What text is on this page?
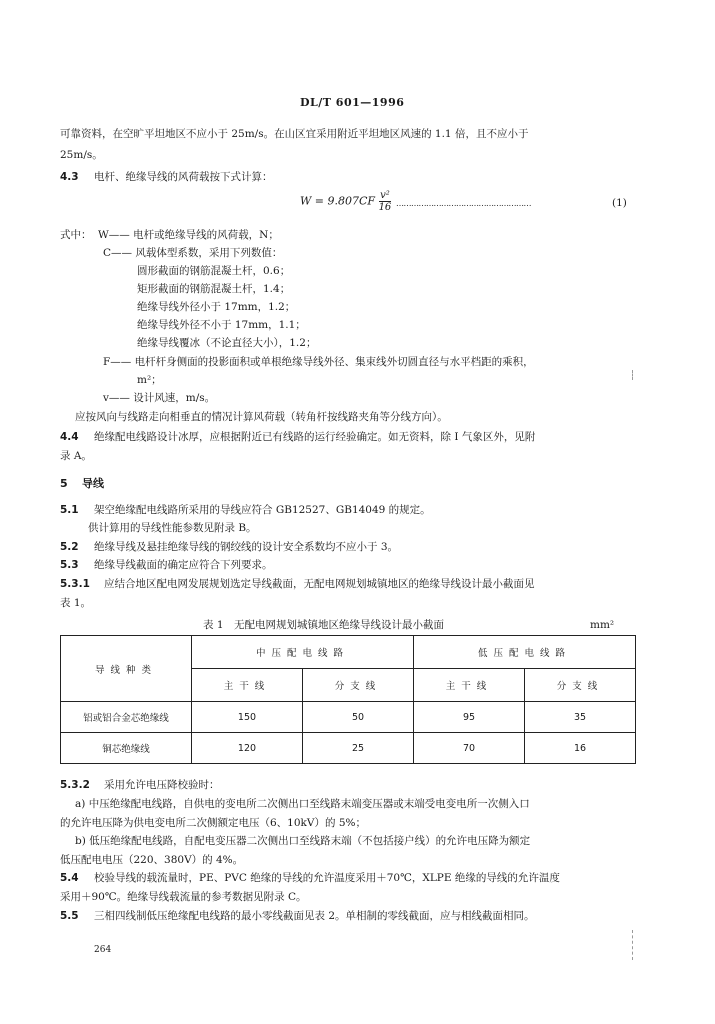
DL/T 601—1996
可靠资料，在空旷平坦地区不应小于 25m/s。在山区宜采用附近平坦地区风速的 1.1 倍，且不应小于
25m/s。
4.3 电杆、绝缘导线的风荷载按下式计算：
$W = 9.807CF \frac{\text{v²}}{16}$ ………………………………………………	(1)
式中： W—— 电杆或绝缘导线的风荷载，N；
C—— 风载体型系数，采用下列数值：
圆形截面的钢筋混凝土杆，0.6；
矩形截面的钢筋混凝土杆，1.4；
绝缘导线外径小于 17mm，1.2；
绝缘导线外径不小于 17mm，1.1；
绝缘导线覆冰（不论直径大小），1.2；
F—— 电杆杆身侧面的投影面积或单根绝缘导线外径、集束线外切圆直径与水平档距的乘积，
m²；
v—— 设计风速，m/s。
应按风向与线路走向相垂直的情况计算风荷载（转角杆按线路夹角等分线方向）。
4.4 绝缘配电线路设计冰厚，应根据附近已有线路的运行经验确定。如无资料，除 I 气象区外，见附
录 A。
5 导线
5.1 架空绝缘配电线路所采用的导线应符合 GB12527、GB14049 的规定。
供计算用的导线性能参数见附录 B。
5.2 绝缘导线及悬挂绝缘导线的钢绞线的设计安全系数均不应小于 3。
5.3 绝缘导线截面的确定应符合下列要求。
5.3.1 应结合地区配电网发展规划选定导线截面，无配电网规划城镇地区的绝缘导线设计最小截面见
表 1。
表 1　无配电网规划城镇地区绝缘导线设计最小截面	mm²
导线种类	中压配电线路		低压配电线路	
	主干线	分支线	主干线	分支线
铝或铝合金芯绝缘线	150	50	95	35
铜芯绝缘线	120	25	70	16
5.3.2 采用允许电压降校验时：
a) 中压绝缘配电线路，自供电的变电所二次侧出口至线路末端变压器或末端受电变电所一次侧入口
的允许电压降为供电变电所二次侧额定电压（6、10kV）的 5%；
b) 低压绝缘配电线路，自配电变压器二次侧出口至线路末端（不包括接户线）的允许电压降为额定
低压配电电压（220、380V）的 4%。
5.4 校验导线的载流量时，PE、PVC 绝缘的导线的允许温度采用＋70℃，XLPE 绝缘的导线的允许温度
采用＋90℃。绝缘导线载流量的参考数据见附录 C。
5.5 三相四线制低压绝缘配电线路的最小零线截面见表 2。单相制的零线截面，应与相线截面相同。
264
